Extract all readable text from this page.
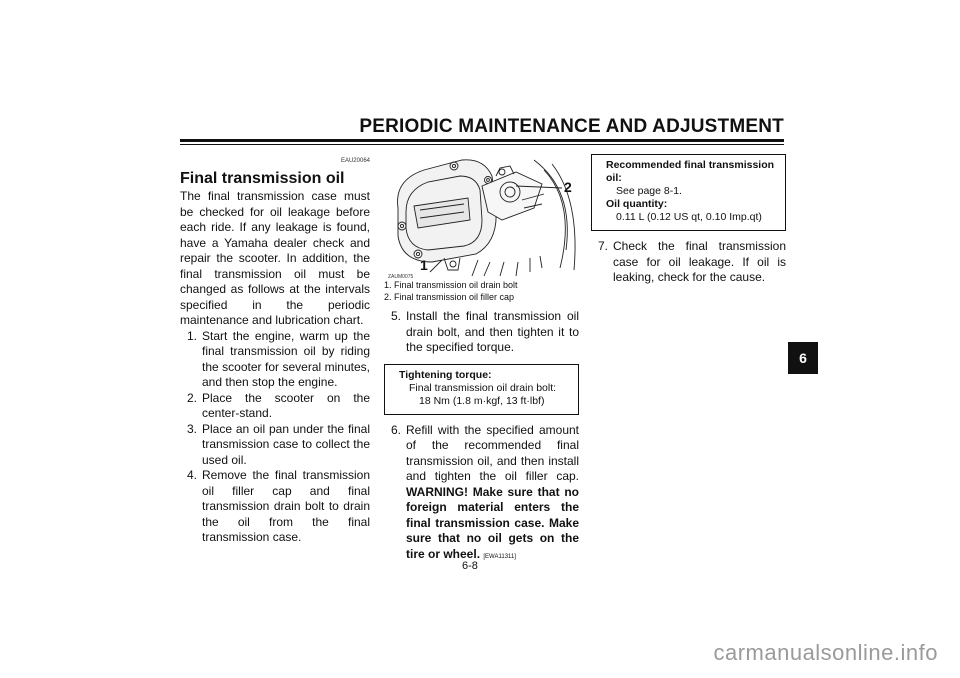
PERIODIC MAINTENANCE AND ADJUSTMENT
EAU20064
Final transmission oil
The final transmission case must be checked for oil leakage before each ride. If any leakage is found, have a Yamaha dealer check and repair the scooter. In addition, the final transmission oil must be changed as follows at the intervals specified in the periodic maintenance and lubrication chart.
1. Start the engine, warm up the final transmission oil by riding the scooter for several minutes, and then stop the engine.
2. Place the scooter on the center-stand.
3. Place an oil pan under the final transmission case to collect the used oil.
4. Remove the final transmission oil filler cap and final transmission drain bolt to drain the oil from the final transmission case.
1
2
ZAUM0075
1. Final transmission oil drain bolt
2. Final transmission oil filler cap
5. Install the final transmission oil drain bolt, and then tighten it to the specified torque.
Tightening torque:
Final transmission oil drain bolt:
18 Nm (1.8 m·kgf, 13 ft·lbf)
6. Refill with the specified amount of the recommended final transmission oil, and then install and tighten the oil filler cap. WARNING! Make sure that no foreign material enters the final transmission case. Make sure that no oil gets on the tire or wheel. [EWA11311]
Recommended final transmission oil:
See page 8-1.
Oil quantity:
0.11 L (0.12 US qt, 0.10 Imp.qt)
7. Check the final transmission case for oil leakage. If oil is leaking, check for the cause.
6
6-8
carmanualsonline.info
